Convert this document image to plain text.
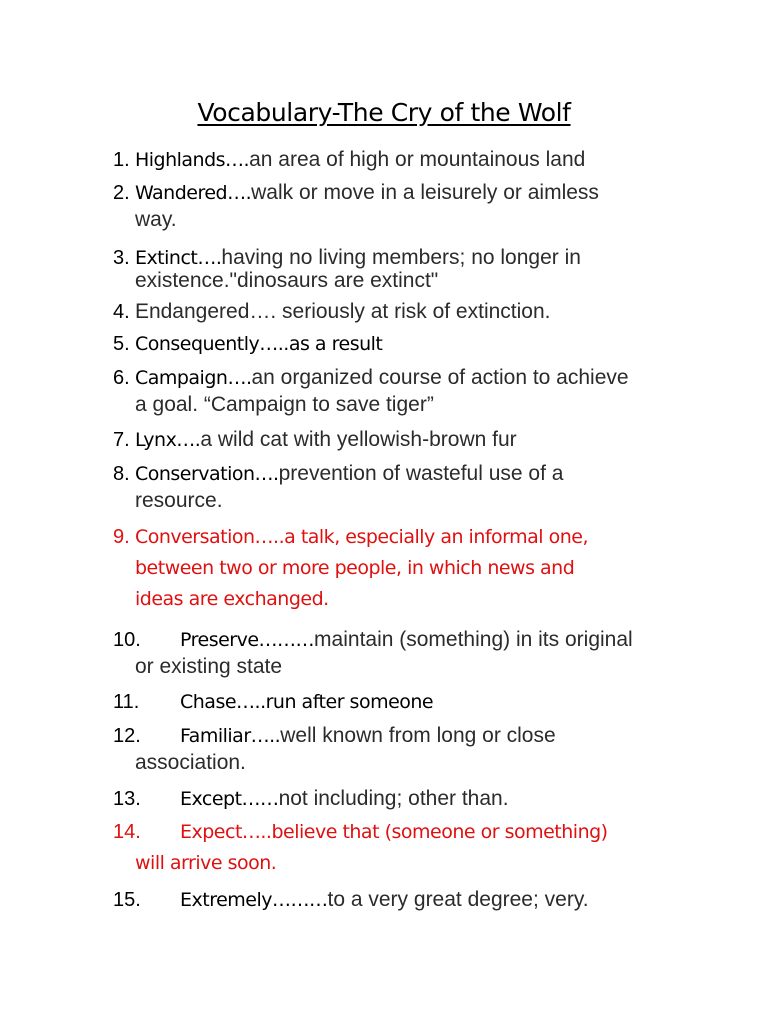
Vocabulary-The Cry of the Wolf
1. Highlands….an area of high or mountainous land
2. Wandered….walk or move in a leisurely or aimless
way.
3. Extinct….having no living members; no longer in
existence."dinosaurs are extinct"
4. Endangered…. seriously at risk of extinction.
5. Consequently…..as a result
6. Campaign….an organized course of action to achieve
a goal. “Campaign to save tiger”
7. Lynx….a wild cat with yellowish-brown fur
8. Conservation….prevention of wasteful use of a
resource.
9. Conversation…..a talk, especially an informal one,
between two or more people, in which news and
ideas are exchanged.
10. Preserve………maintain (something) in its original
or existing state
11. Chase…..run after someone
12. Familiar…..well known from long or close
association.
13. Except……not including; other than.
14. Expect…..believe that (someone or something)
will arrive soon.
15. Extremely………to a very great degree; very.
